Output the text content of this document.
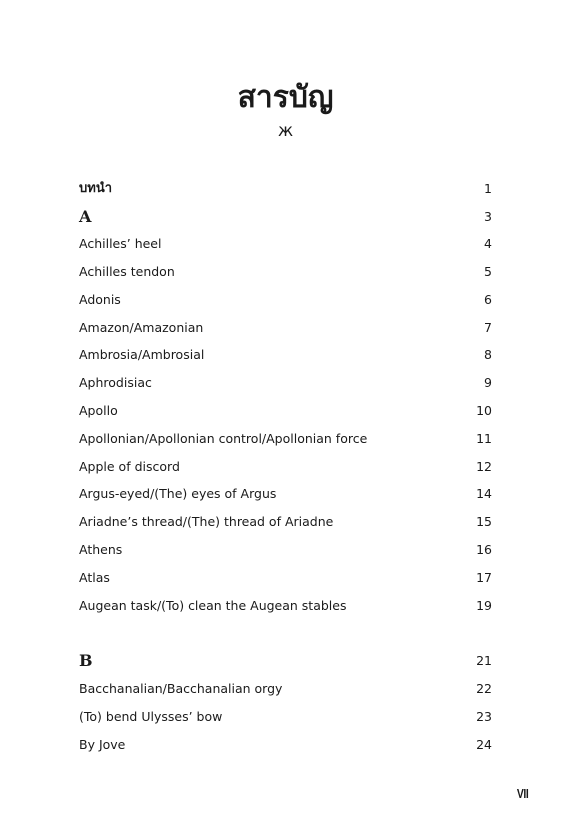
สารบัญ
ж
บทนำ	1
A	3
Achilles’ heel	4
Achilles tendon	5
Adonis	6
Amazon/Amazonian	7
Ambrosia/Ambrosial	8
Aphrodisiac	9
Apollo	10
Apollonian/Apollonian control/Apollonian force	11
Apple of discord	12
Argus-eyed/(The) eyes of Argus	14
Ariadne’s thread/(The) thread of Ariadne	15
Athens	16
Atlas	17
Augean task/(To) clean the Augean stables	19
B	21
Bacchanalian/Bacchanalian orgy	22
(To) bend Ulysses’ bow	23
By Jove	24
VII
